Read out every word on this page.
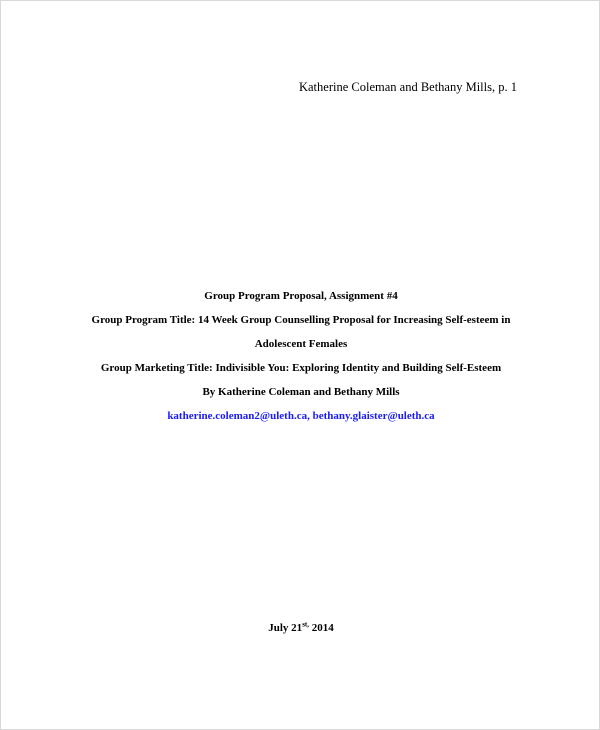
Katherine Coleman and Bethany Mills, p. 1
Group Program Proposal, Assignment #4
Group Program Title: 14 Week Group Counselling Proposal for Increasing Self-esteem in
Adolescent Females
Group Marketing Title: Indivisible You: Exploring Identity and Building Self-Esteem
By Katherine Coleman and Bethany Mills
katherine.coleman2@uleth.ca, bethany.glaister@uleth.ca
July $21^{st,}$ 2014
